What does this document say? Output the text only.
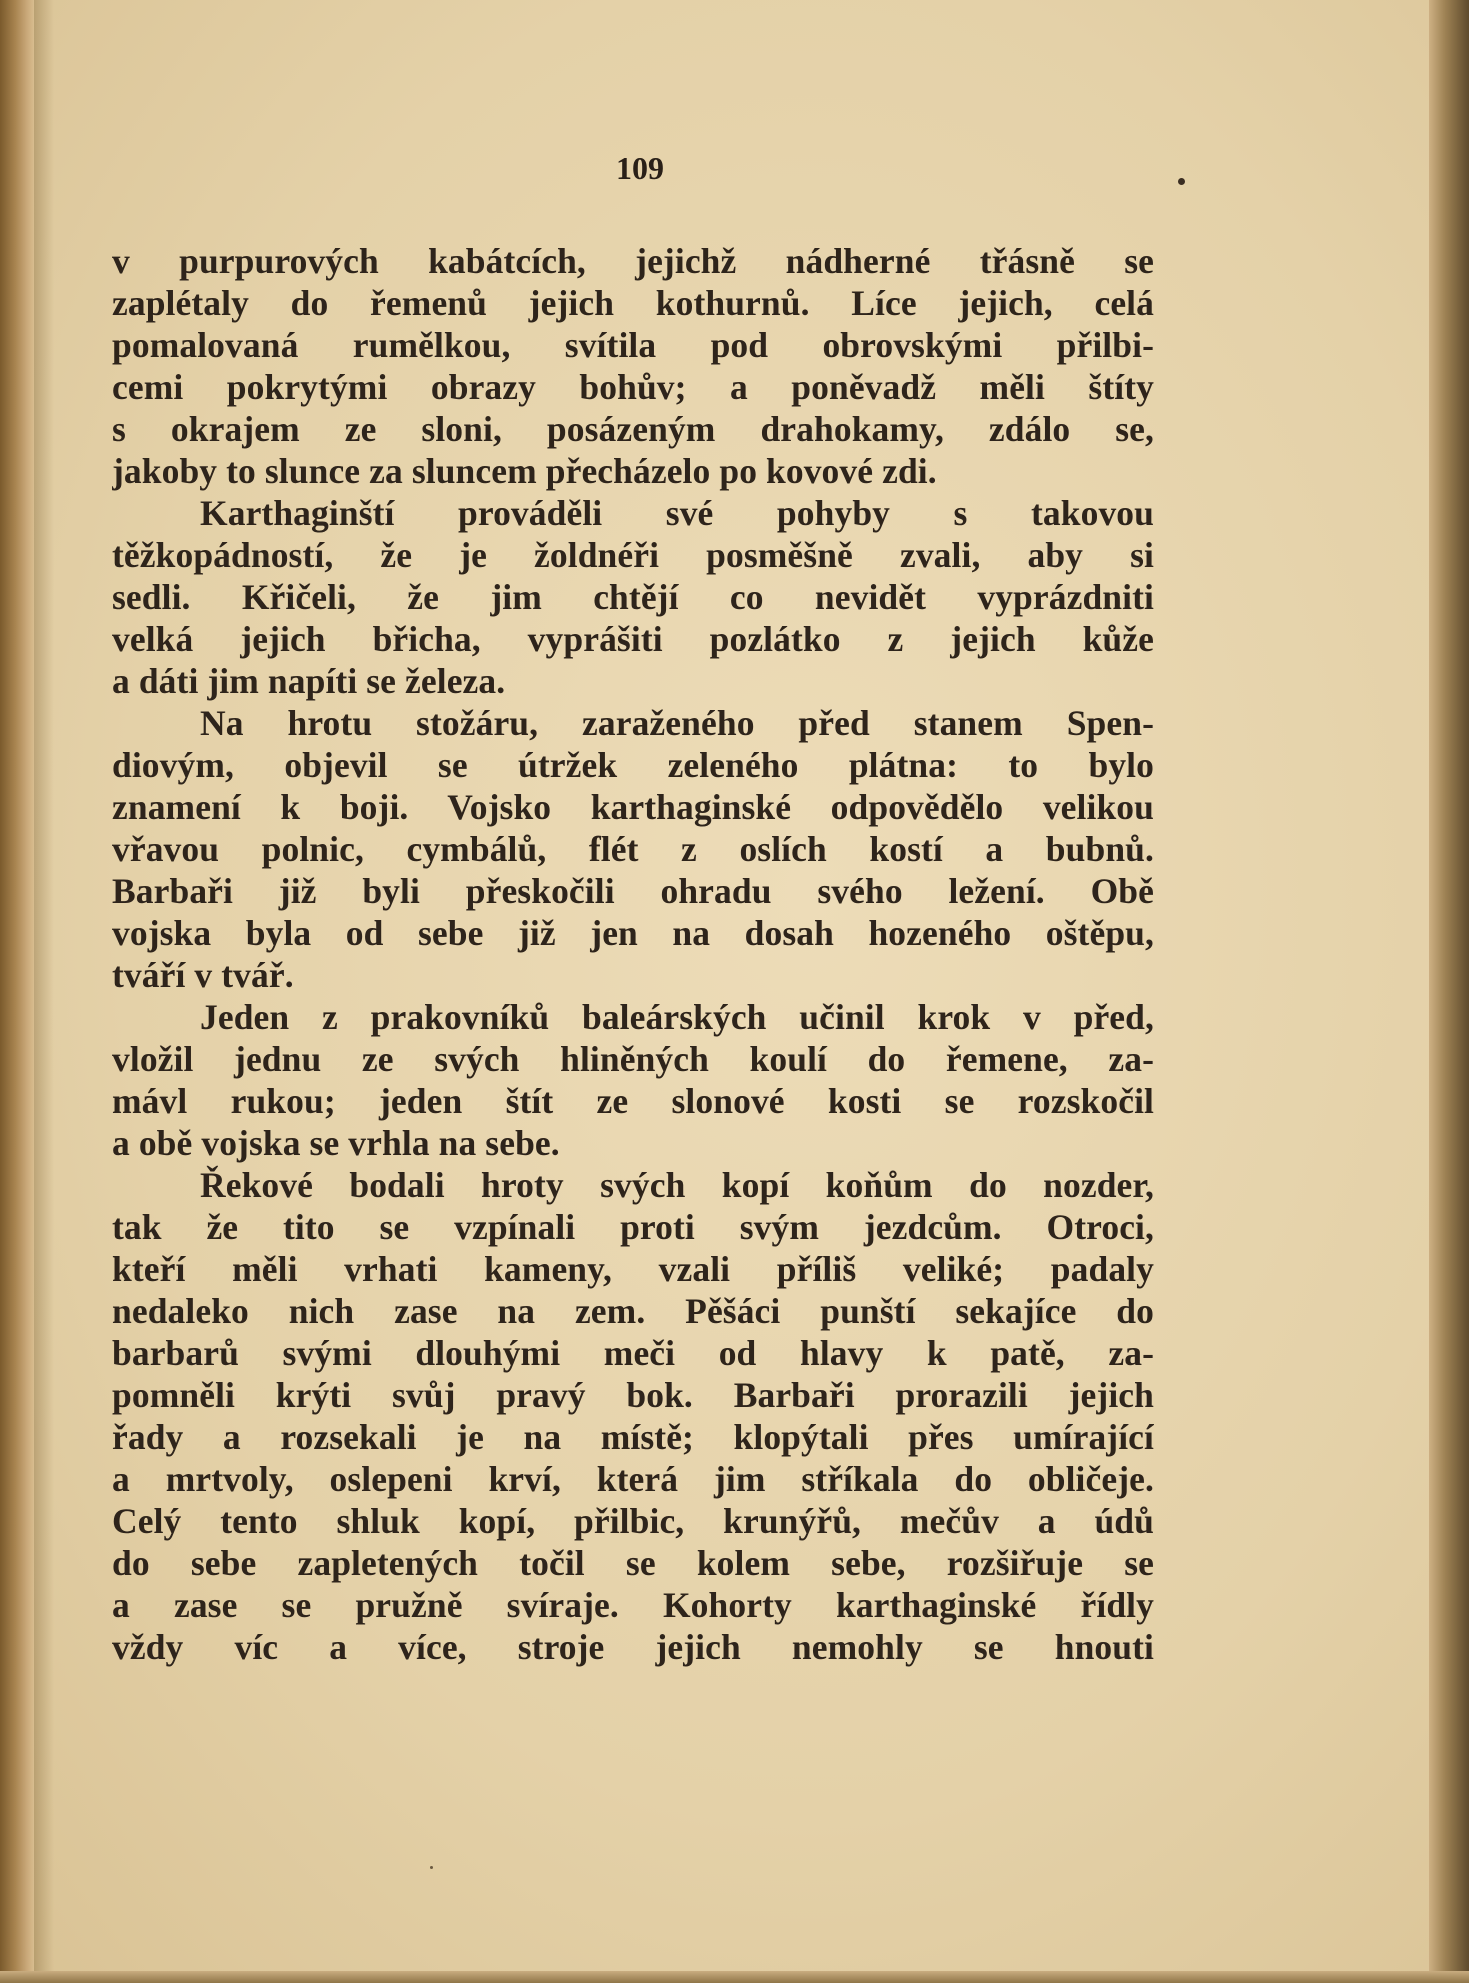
109
v purpurových kabátcích, jejichž nádherné třásně se
zaplétaly do řemenů jejich kothurnů. Líce jejich, celá
pomalovaná rumělkou, svítila pod obrovskými přilbi-
cemi pokrytými obrazy bohův; a poněvadž měli štíty
s okrajem ze sloni, posázeným drahokamy, zdálo se,
jakoby to slunce za sluncem přecházelo po kovové zdi.
Karthaginští prováděli své pohyby s takovou
těžkopádností, že je žoldnéři posměšně zvali, aby si
sedli. Křičeli, že jim chtějí co nevidět vyprázdniti
velká jejich břicha, vyprášiti pozlátko z jejich kůže
a dáti jim napíti se železa.
Na hrotu stožáru, zaraženého před stanem Spen-
diovým, objevil se útržek zeleného plátna: to bylo
znamení k boji. Vojsko karthaginské odpovědělo velikou
vřavou polnic, cymbálů, flét z oslích kostí a bubnů.
Barbaři již byli přeskočili ohradu svého ležení. Obě
vojska byla od sebe již jen na dosah hozeného oštěpu,
tváří v tvář.
Jeden z prakovníků baleárských učinil krok v před,
vložil jednu ze svých hliněných koulí do řemene, za-
mávl rukou; jeden štít ze slonové kosti se rozskočil
a obě vojska se vrhla na sebe.
Řekové bodali hroty svých kopí koňům do nozder,
tak že tito se vzpínali proti svým jezdcům. Otroci,
kteří měli vrhati kameny, vzali příliš veliké; padaly
nedaleko nich zase na zem. Pěšáci punští sekajíce do
barbarů svými dlouhými meči od hlavy k patě, za-
pomněli krýti svůj pravý bok. Barbaři prorazili jejich
řady a rozsekali je na místě; klopýtali přes umírající
a mrtvoly, oslepeni krví, která jim stříkala do obličeje.
Celý tento shluk kopí, přilbic, krunýřů, mečův a údů
do sebe zapletených točil se kolem sebe, rozšiřuje se
a zase se pružně svíraje. Kohorty karthaginské řídly
vždy víc a více, stroje jejich nemohly se hnouti
